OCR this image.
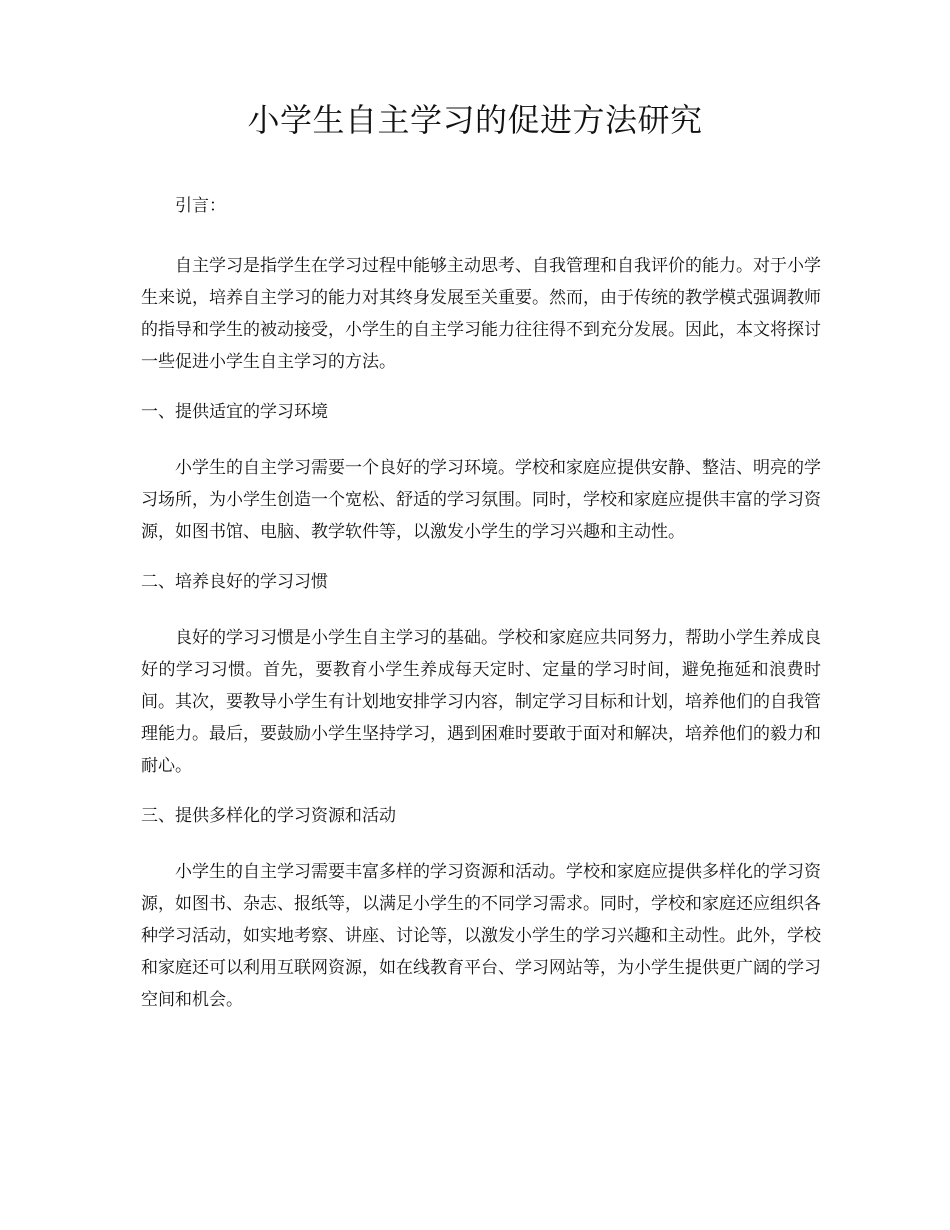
小学生自主学习的促进方法研究

引言：

自主学习是指学生在学习过程中能够主动思考、自我管理和自我评价的能力。对于小学生来说，培养自主学习的能力对其终身发展至关重要。然而，由于传统的教学模式强调教师的指导和学生的被动接受，小学生的自主学习能力往往得不到充分发展。因此，本文将探讨一些促进小学生自主学习的方法。

一、提供适宜的学习环境

小学生的自主学习需要一个良好的学习环境。学校和家庭应提供安静、整洁、明亮的学习场所，为小学生创造一个宽松、舒适的学习氛围。同时，学校和家庭应提供丰富的学习资源，如图书馆、电脑、教学软件等，以激发小学生的学习兴趣和主动性。

二、培养良好的学习习惯

良好的学习习惯是小学生自主学习的基础。学校和家庭应共同努力，帮助小学生养成良好的学习习惯。首先，要教育小学生养成每天定时、定量的学习时间，避免拖延和浪费时间。其次，要教导小学生有计划地安排学习内容，制定学习目标和计划，培养他们的自我管理能力。最后，要鼓励小学生坚持学习，遇到困难时要敢于面对和解决，培养他们的毅力和耐心。

三、提供多样化的学习资源和活动

小学生的自主学习需要丰富多样的学习资源和活动。学校和家庭应提供多样化的学习资源，如图书、杂志、报纸等，以满足小学生的不同学习需求。同时，学校和家庭还应组织各种学习活动，如实地考察、讲座、讨论等，以激发小学生的学习兴趣和主动性。此外，学校和家庭还可以利用互联网资源，如在线教育平台、学习网站等，为小学生提供更广阔的学习空间和机会。
